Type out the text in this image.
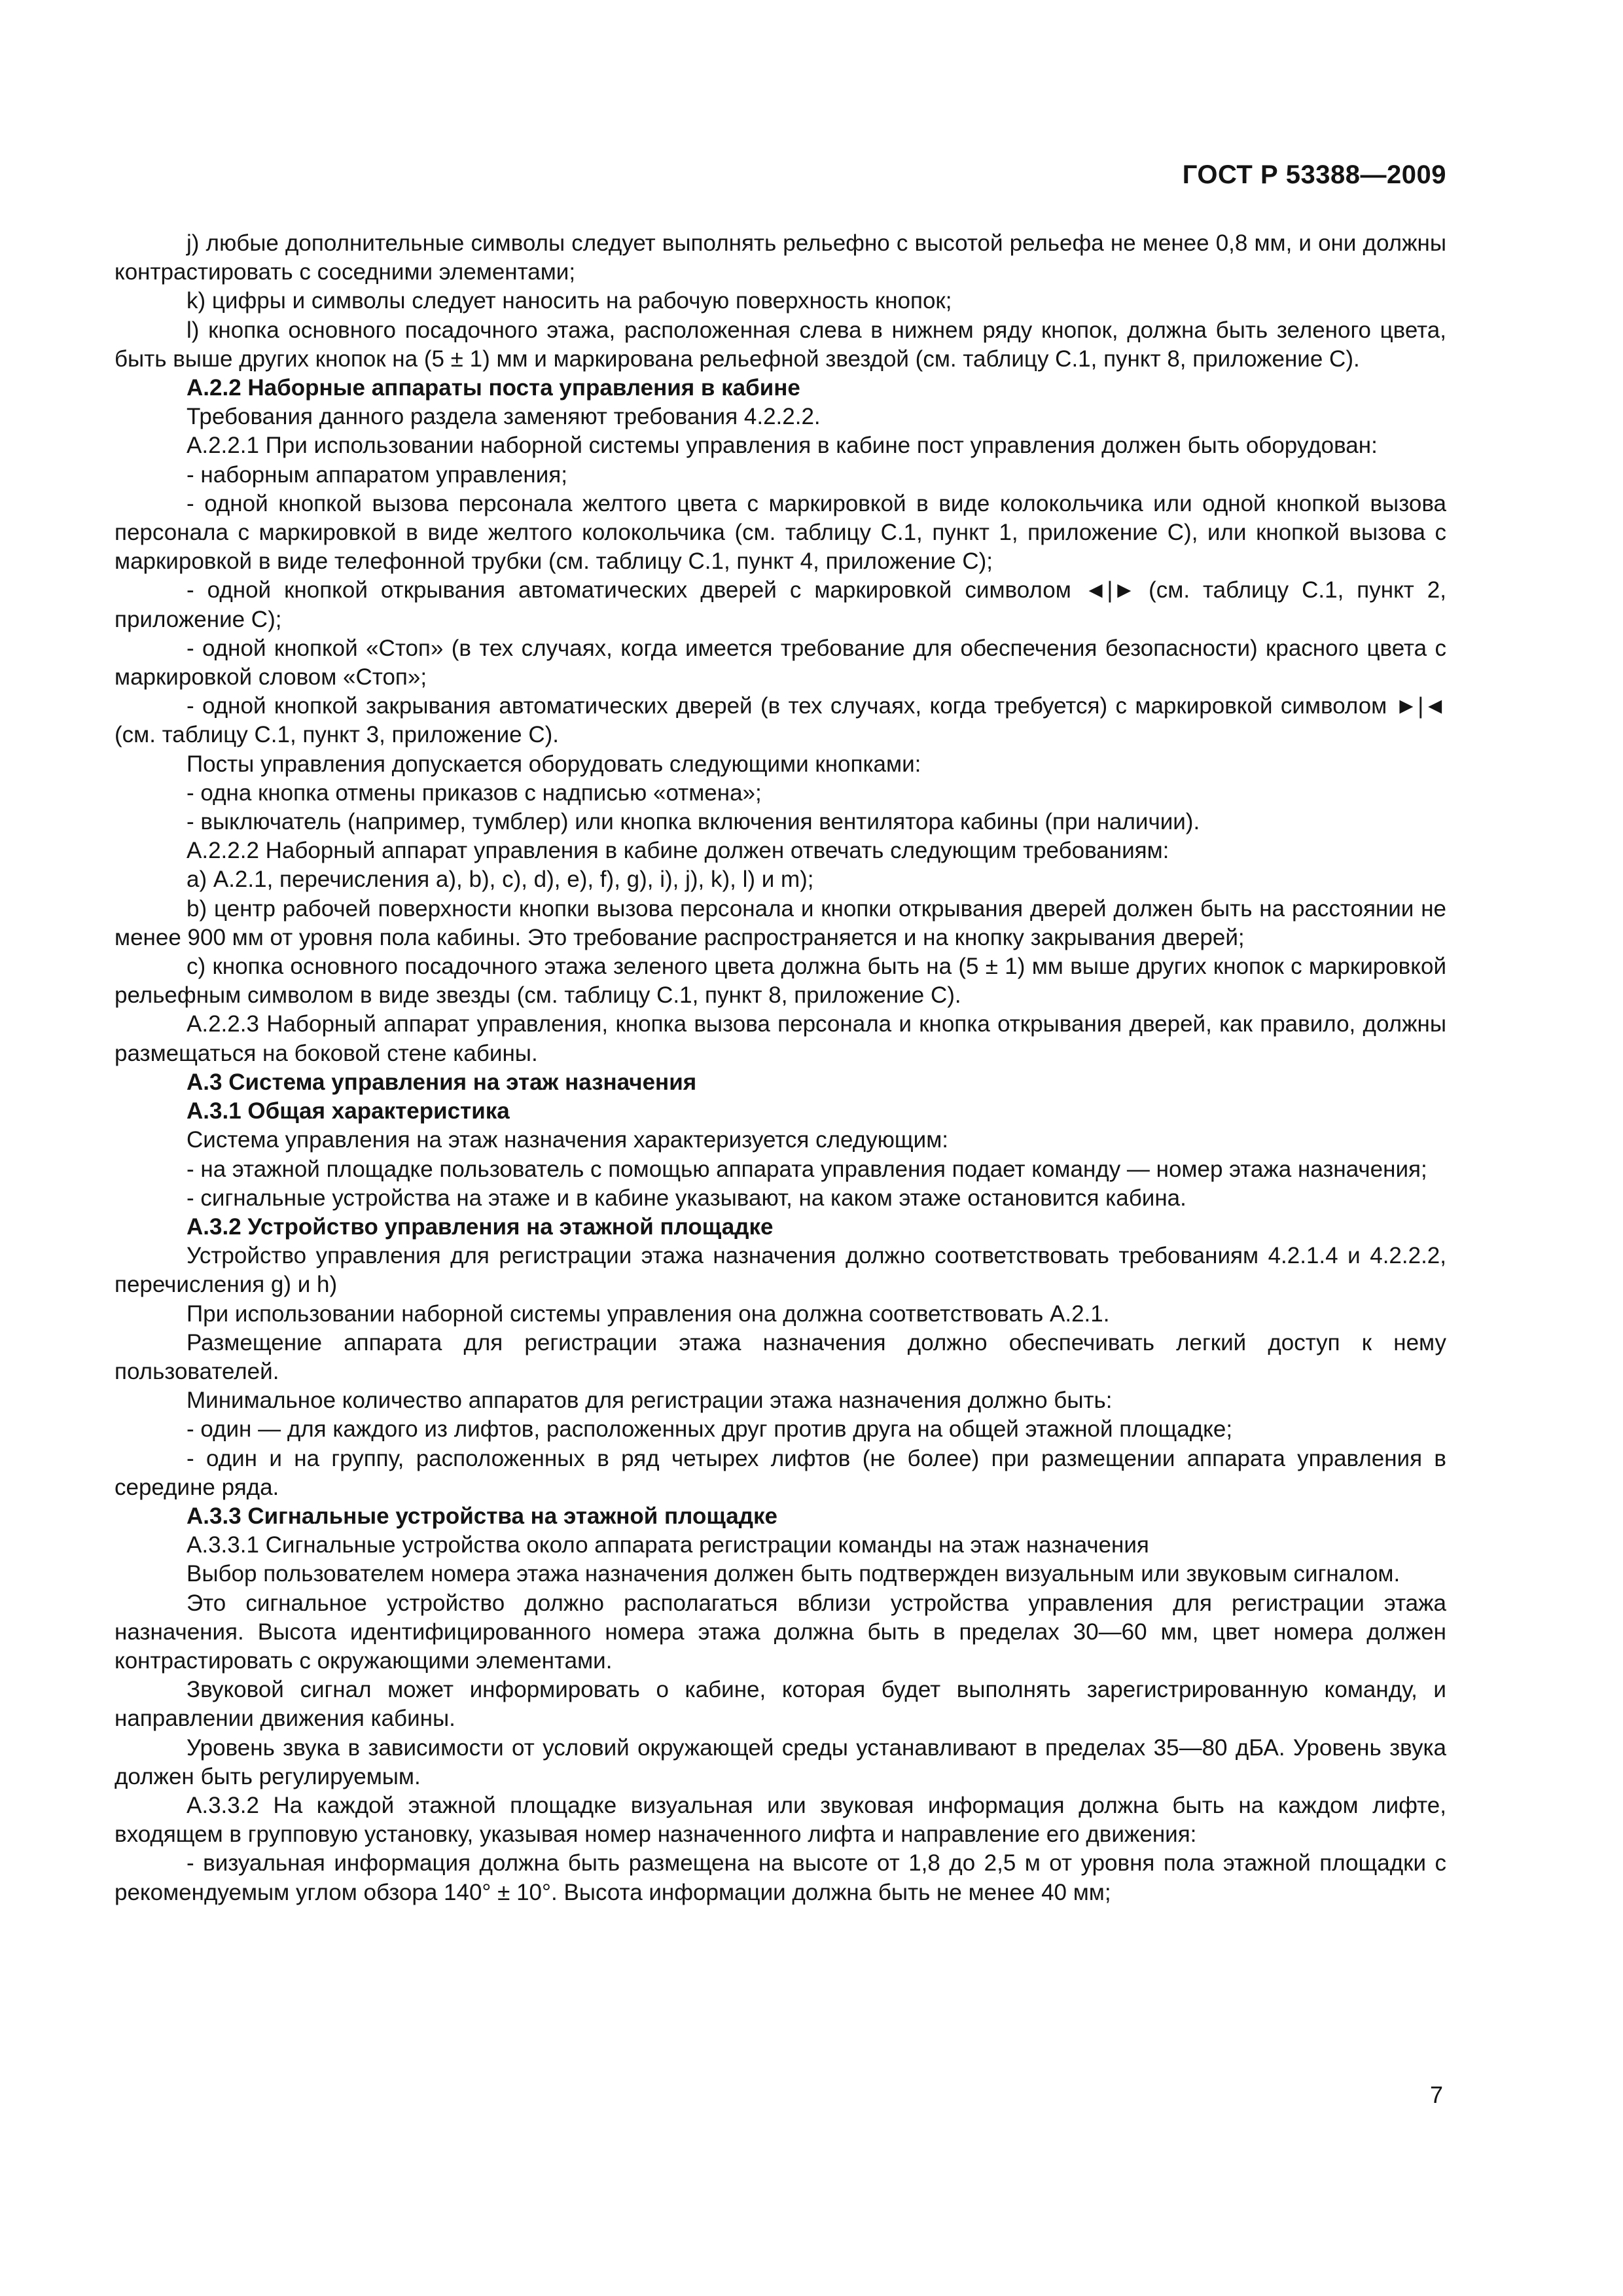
ГОСТ Р 53388—2009

j) любые дополнительные символы следует выполнять рельефно с высотой рельефа не менее 0,8 мм, и они должны контрастировать с соседними элементами;

k) цифры и символы следует наносить на рабочую поверхность кнопок;

l) кнопка основного посадочного этажа, расположенная слева в нижнем ряду кнопок, должна быть зеленого цвета, быть выше других кнопок на (5 ± 1) мм и маркирована рельефной звездой (см. таблицу С.1, пункт 8, приложение С).

А.2.2 Наборные аппараты поста управления в кабине

Требования данного раздела заменяют требования 4.2.2.2.

А.2.2.1 При использовании наборной системы управления в кабине пост управления должен быть оборудован:

- наборным аппаратом управления;

- одной кнопкой вызова персонала желтого цвета с маркировкой в виде колокольчика или одной кнопкой вызова персонала с маркировкой в виде желтого колокольчика (см. таблицу С.1, пункт 1, приложение С), или кнопкой вызова с маркировкой в виде телефонной трубки (см. таблицу С.1, пункт 4, приложение С);

- одной кнопкой открывания автоматических дверей с маркировкой символом ◄|► (см. таблицу С.1, пункт 2, приложение С);

- одной кнопкой «Стоп» (в тех случаях, когда имеется требование для обеспечения безопасности) красного цвета с маркировкой словом «Стоп»;

- одной кнопкой закрывания автоматических дверей (в тех случаях, когда требуется) с маркировкой символом ►|◄ (см. таблицу С.1, пункт 3, приложение С).

Посты управления допускается оборудовать следующими кнопками:

- одна кнопка отмены приказов с надписью «отмена»;

- выключатель (например, тумблер) или кнопка включения вентилятора кабины (при наличии).

А.2.2.2 Наборный аппарат управления в кабине должен отвечать следующим требованиям:

а) А.2.1, перечисления а), b), с), d), е), f), g), i), j), k), l) и m);

b) центр рабочей поверхности кнопки вызова персонала и кнопки открывания дверей должен быть на расстоянии не менее 900 мм от уровня пола кабины. Это требование распространяется и на кнопку закрывания дверей;

с) кнопка основного посадочного этажа зеленого цвета должна быть на (5 ± 1) мм выше других кнопок с маркировкой рельефным символом в виде звезды (см. таблицу С.1, пункт 8, приложение С).

А.2.2.3 Наборный аппарат управления, кнопка вызова персонала и кнопка открывания дверей, как правило, должны размещаться на боковой стене кабины.

А.3 Система управления на этаж назначения

А.3.1 Общая характеристика

Система управления на этаж назначения характеризуется следующим:

- на этажной площадке пользователь с помощью аппарата управления подает команду — номер этажа назначения;

- сигнальные устройства на этаже и в кабине указывают, на каком этаже остановится кабина.

А.3.2 Устройство управления на этажной площадке

Устройство управления для регистрации этажа назначения должно соответствовать требованиям 4.2.1.4 и 4.2.2.2, перечисления g) и h)

При использовании наборной системы управления она должна соответствовать А.2.1.

Размещение аппарата для регистрации этажа назначения должно обеспечивать легкий доступ к нему пользователей.

Минимальное количество аппаратов для регистрации этажа назначения должно быть:

- один — для каждого из лифтов, расположенных друг против друга на общей этажной площадке;

- один и на группу, расположенных в ряд четырех лифтов (не более) при размещении аппарата управления в середине ряда.

А.3.3 Сигнальные устройства на этажной площадке

А.3.3.1 Сигнальные устройства около аппарата регистрации команды на этаж назначения

Выбор пользователем номера этажа назначения должен быть подтвержден визуальным или звуковым сигналом.

Это сигнальное устройство должно располагаться вблизи устройства управления для регистрации этажа назначения. Высота идентифицированного номера этажа должна быть в пределах 30—60 мм, цвет номера должен контрастировать с окружающими элементами.

Звуковой сигнал может информировать о кабине, которая будет выполнять зарегистрированную команду, и направлении движения кабины.

Уровень звука в зависимости от условий окружающей среды устанавливают в пределах 35—80 дБА. Уровень звука должен быть регулируемым.

А.3.3.2 На каждой этажной площадке визуальная или звуковая информация должна быть на каждом лифте, входящем в групповую установку, указывая номер назначенного лифта и направление его движения:

- визуальная информация должна быть размещена на высоте от 1,8 до 2,5 м от уровня пола этажной площадки с рекомендуемым углом обзора 140° ± 10°. Высота информации должна быть не менее 40 мм;

7
